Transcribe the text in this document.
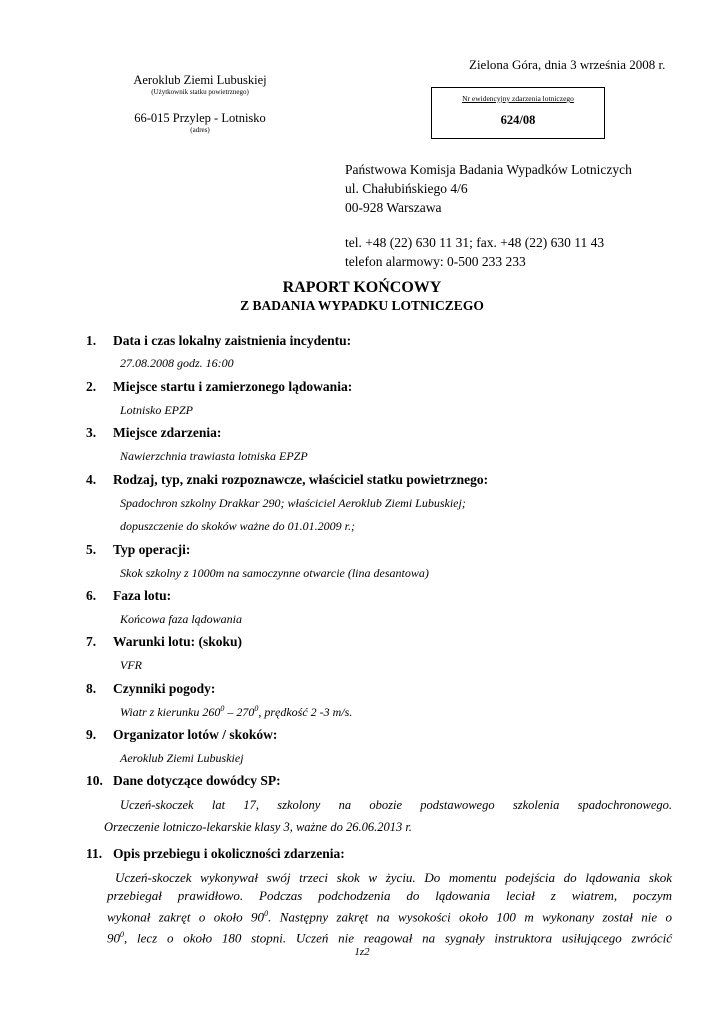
Zielona Góra, dnia 3 września 2008 r.
Aeroklub Ziemi Lubuskiej
(Użytkownik statku powietrznego)
66-015 Przylep - Lotnisko
(adres)
Nr ewidencyjny zdarzenia lotniczego
624/08
Państwowa Komisja Badania Wypadków Lotniczych
ul. Chałubińskiego 4/6
00-928 Warszawa
tel. +48 (22) 630 11 31; fax. +48 (22) 630 11 43
telefon alarmowy: 0-500 233 233
RAPORT KOŃCOWY
Z BADANIA WYPADKU LOTNICZEGO
1. Data i czas lokalny zaistnienia incydentu:
27.08.2008 godz. 16:00
2. Miejsce startu i zamierzonego lądowania:
Lotnisko EPZP
3. Miejsce zdarzenia:
Nawierzchnia trawiasta lotniska EPZP
4. Rodzaj, typ, znaki rozpoznawcze, właściciel statku powietrznego:
Spadochron szkolny Drakkar 290; właściciel Aeroklub Ziemi Lubuskiej;
dopuszczenie do skoków ważne do 01.01.2009 r.;
5. Typ operacji:
Skok szkolny z 1000m na samoczynne otwarcie (lina desantowa)
6. Faza lotu:
Końcowa faza lądowania
7. Warunki lotu: (skoku)
VFR
8. Czynniki pogody:
Wiatr z kierunku $260^0 - 270^0$, prędkość 2 -3 m/s.
9. Organizator lotów / skoków:
Aeroklub Ziemi Lubuskiej
10. Dane dotyczące dowódcy SP:
Uczeń-skoczek lat 17, szkolony na obozie podstawowego szkolenia spadochronowego.
Orzeczenie lotniczo-lekarskie klasy 3, ważne do 26.06.2013 r.
11. Opis przebiegu i okoliczności zdarzenia:
Uczeń-skoczek wykonywał swój trzeci skok w życiu. Do momentu podejścia do lądowania skok
przebiegał prawidłowo. Podczas podchodzenia do lądowania leciał z wiatrem, poczym
wykonał zakręt o około $90^0$. Następny zakręt na wysokości około 100 m wykonany został nie o
$90^0$, lecz o około 180 stopni. Uczeń nie reagował na sygnały instruktora usiłującego zwrócić
1z2
